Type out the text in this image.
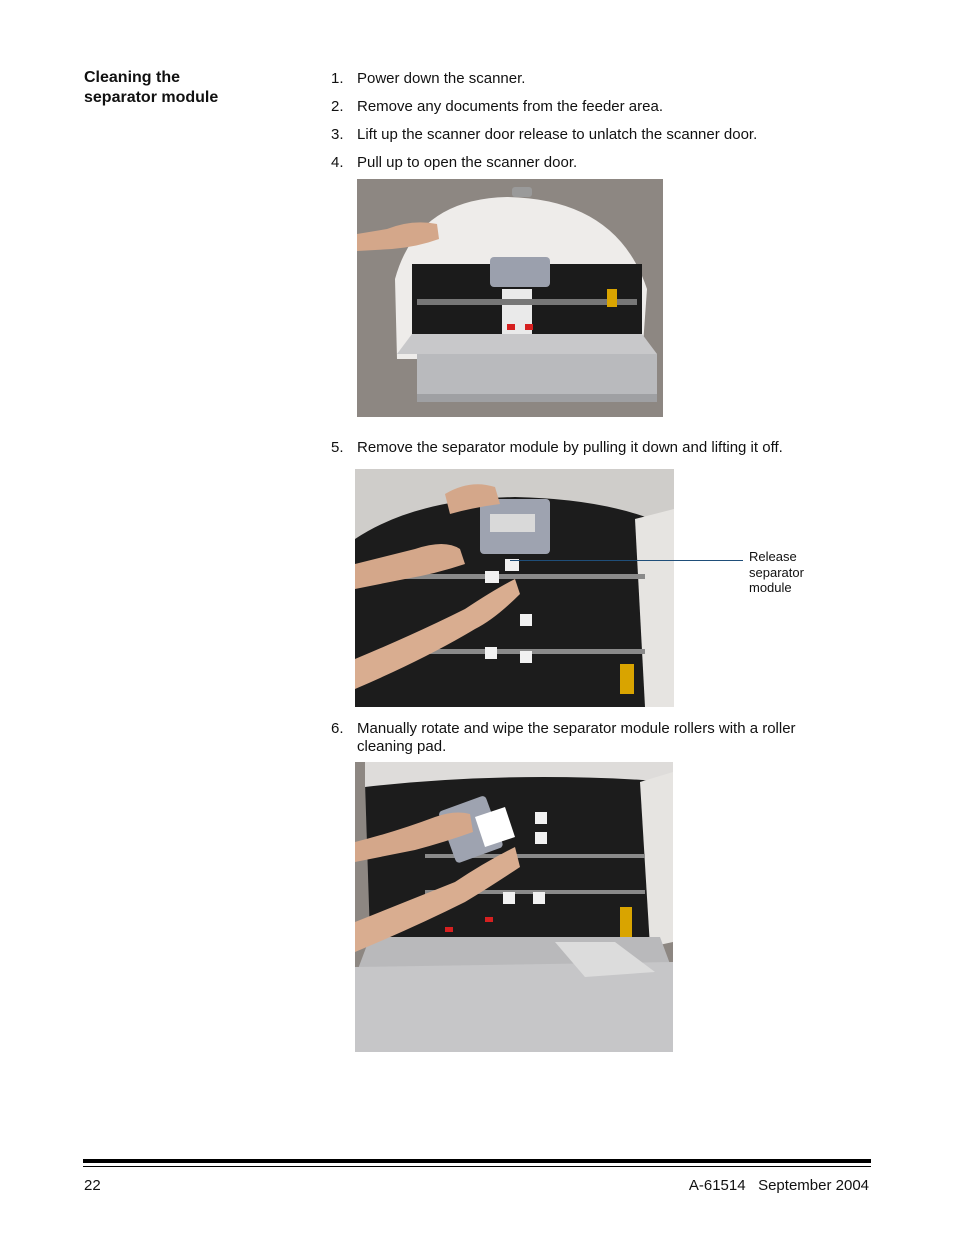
Cleaning the
separator module
1. Power down the scanner.
2. Remove any documents from the feeder area.
3. Lift up the scanner door release to unlatch the scanner door.
4. Pull up to open the scanner door.
5. Remove the separator module by pulling it down and lifting it off.
Release
separator
module
6. Manually rotate and wipe the separator module rollers with a roller cleaning pad.
22	A-61514   September 2004
